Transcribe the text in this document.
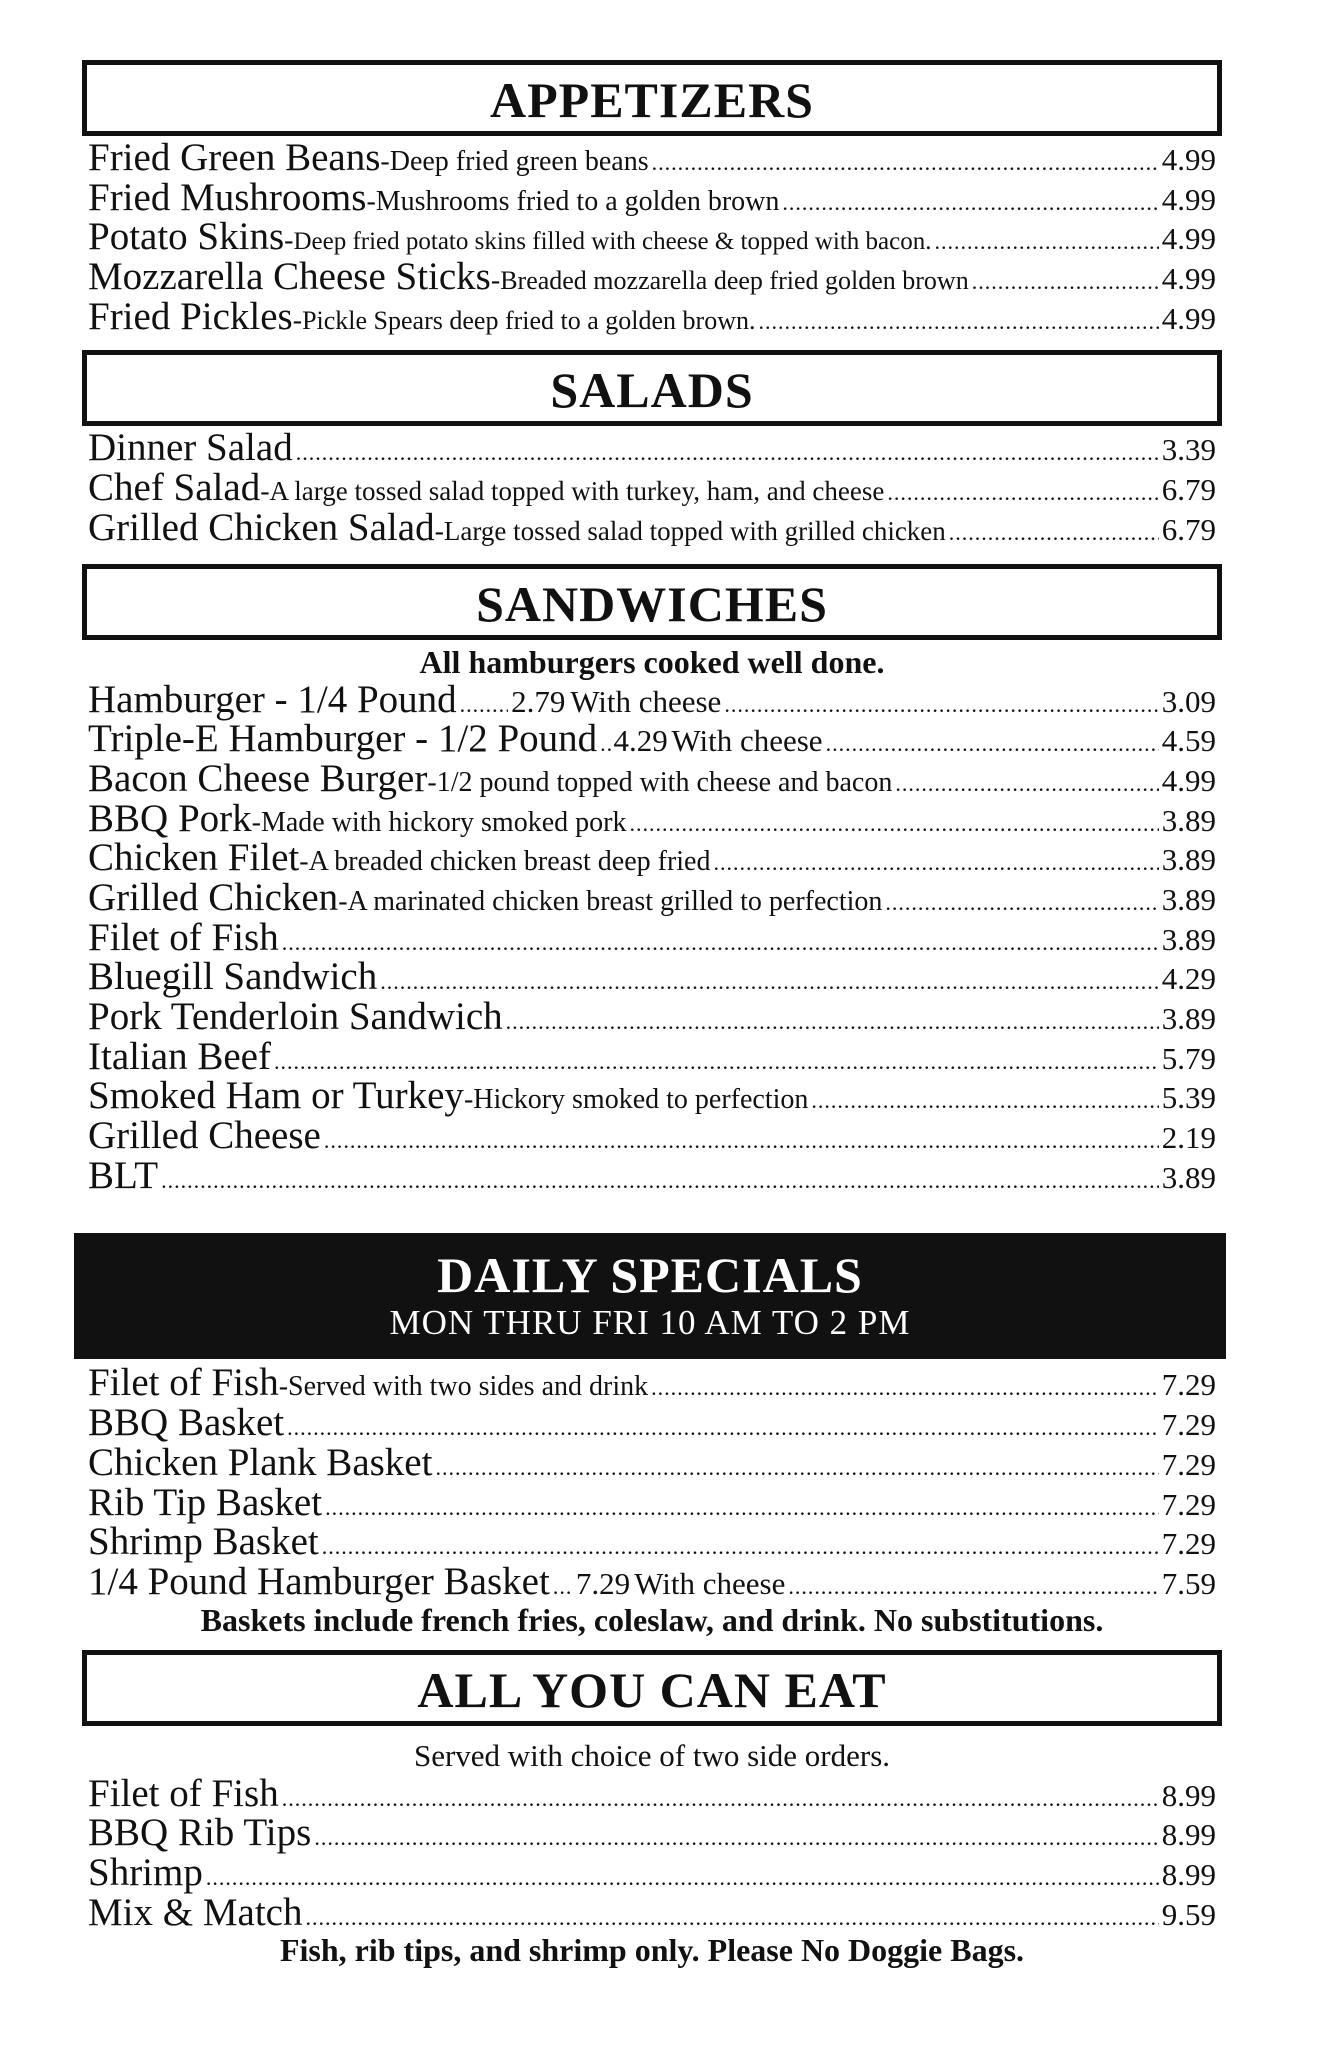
APPETIZERS
Fried Green Beans - Deep fried green beans .....	4.99
Fried Mushrooms - Mushrooms fried to a golden brown .....	4.99
Potato Skins - Deep fried potato skins filled with cheese & topped with bacon. .....	4.99
Mozzarella Cheese Sticks - Breaded mozzarella deep fried golden brown .....	4.99
Fried Pickles - Pickle Spears deep fried to a golden brown. .....	4.99
SALADS
Dinner Salad .....	3.39
Chef Salad - A large tossed salad topped with turkey, ham, and cheese .....	6.79
Grilled Chicken Salad - Large tossed salad topped with grilled chicken .....	6.79
SANDWICHES
All hamburgers cooked well done.
Hamburger - 1/4 Pound ..... 2.79 With cheese .....	3.09
Triple-E Hamburger - 1/2 Pound ..... 4.29 With cheese .....	4.59
Bacon Cheese Burger - 1/2 pound topped with cheese and bacon .....	4.99
BBQ Pork - Made with hickory smoked pork .....	3.89
Chicken Filet - A breaded chicken breast deep fried .....	3.89
Grilled Chicken - A marinated chicken breast grilled to perfection .....	3.89
Filet of Fish .....	3.89
Bluegill Sandwich .....	4.29
Pork Tenderloin Sandwich .....	3.89
Italian Beef .....	5.79
Smoked Ham or Turkey - Hickory smoked to perfection .....	5.39
Grilled Cheese .....	2.19
BLT .....	3.89
DAILY SPECIALS
MON THRU FRI 10 AM TO 2 PM
Filet of Fish - Served with two sides and drink .....	7.29
BBQ Basket .....	7.29
Chicken Plank Basket .....	7.29
Rib Tip Basket .....	7.29
Shrimp Basket .....	7.29
1/4 Pound Hamburger Basket ..... 7.29 With cheese .....	7.59
Baskets include french fries, coleslaw, and drink. No substitutions.
ALL YOU CAN EAT
Served with choice of two side orders.
Filet of Fish .....	8.99
BBQ Rib Tips .....	8.99
Shrimp .....	8.99
Mix & Match .....	9.59
Fish, rib tips, and shrimp only. Please No Doggie Bags.
